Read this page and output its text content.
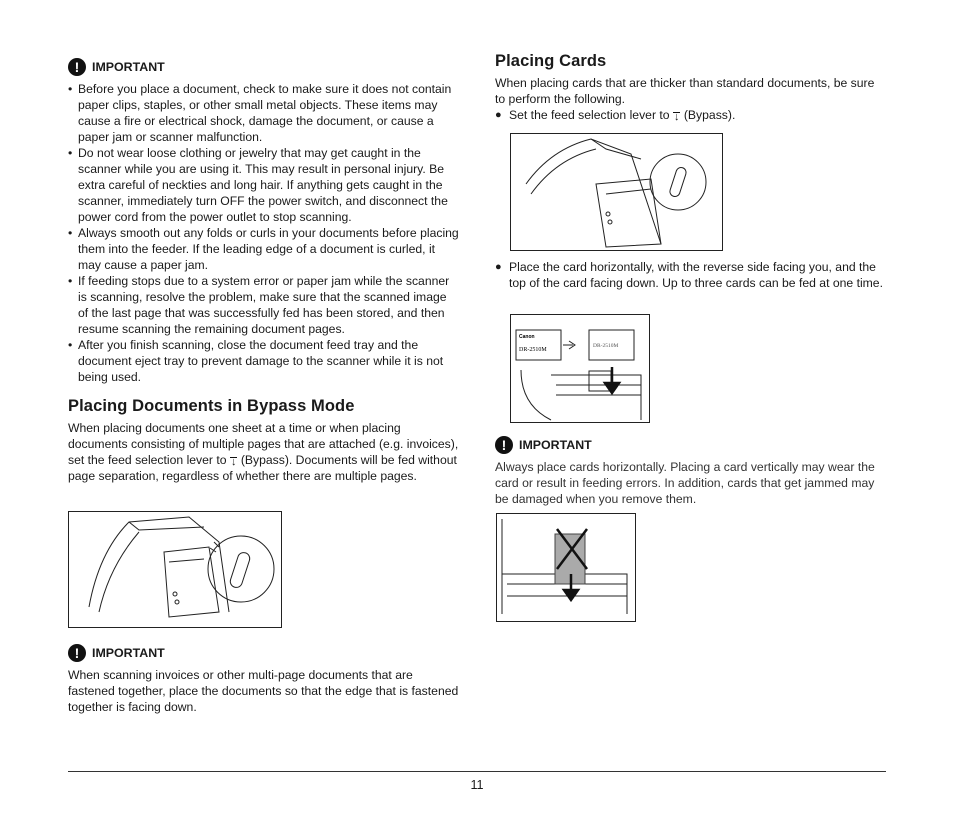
!	IMPORTANT
• Before you place a document, check to make sure it does not contain paper clips, staples, or other small metal objects. These items may cause a fire or electrical shock, damage the document, or cause a paper jam or scanner malfunction.
• Do not wear loose clothing or jewelry that may get caught in the scanner while you are using it. This may result in personal injury. Be extra careful of neckties and long hair. If anything gets caught in the scanner, immediately turn OFF the power switch, and disconnect the power cord from the power outlet to stop scanning.
• Always smooth out any folds or curls in your documents before placing them into the feeder. If the leading edge of a document is curled, it may cause a paper jam.
• If feeding stops due to a system error or paper jam while the scanner is scanning, resolve the problem, make sure that the scanned image of the last page that was successfully fed has been stored, and then resume scanning the remaining document pages.
• After you finish scanning, close the document feed tray and the document eject tray to prevent damage to the scanner while it is not being used.
Placing Documents in Bypass Mode

When placing documents one sheet at a time or when placing documents consisting of multiple pages that are attached (e.g. invoices), set the feed selection lever to ↓ (Bypass). Documents will be fed without page separation, regardless of whether there are multiple pages.

!	IMPORTANT

When scanning invoices or other multi-page documents that are fastened together, place the documents so that the edge that is fastened together is facing down.

Placing Cards

When placing cards that are thicker than standard documents, be sure to perform the following.

● Set the feed selection lever to ↓ (Bypass).
● Place the card horizontally, with the reverse side facing you, and the top of the card facing down. Up to three cards can be fed at one time.
Canon
DR-2510M
DR-2510M
!	IMPORTANT

Always place cards horizontally. Placing a card vertically may wear the card or result in feeding errors. In addition, cards that get jammed may be damaged when you remove them.

11
